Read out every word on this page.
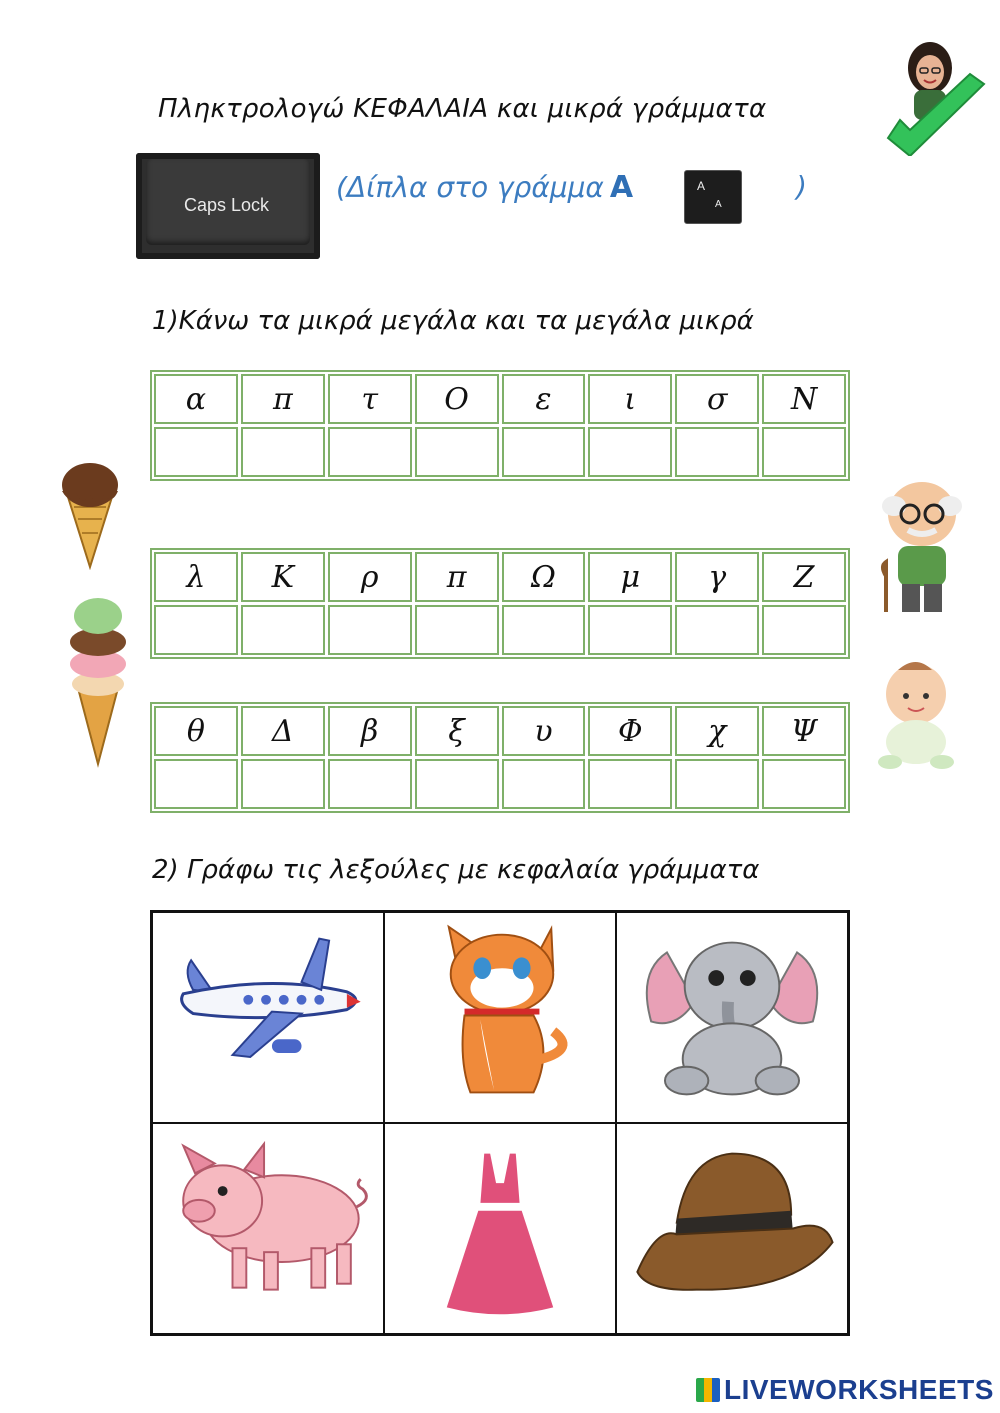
Πληκτρολογώ ΚΕΦΑΛΑΙΑ και μικρά γράμματα
Caps Lock
(Δίπλα στο γράμμα A	)
A
A
1)Κάνω τα μικρά μεγάλα και τα μεγάλα μικρά
α	π	τ	Ο	ε	ι	σ	Ν
λ	Κ	ρ	π	Ω	μ	γ	Ζ
θ	Δ	β	ξ	υ	Φ	χ	Ψ
2) Γράφω τις λεξούλες με κεφαλαία γράμματα
LIVEWORKSHEETS
